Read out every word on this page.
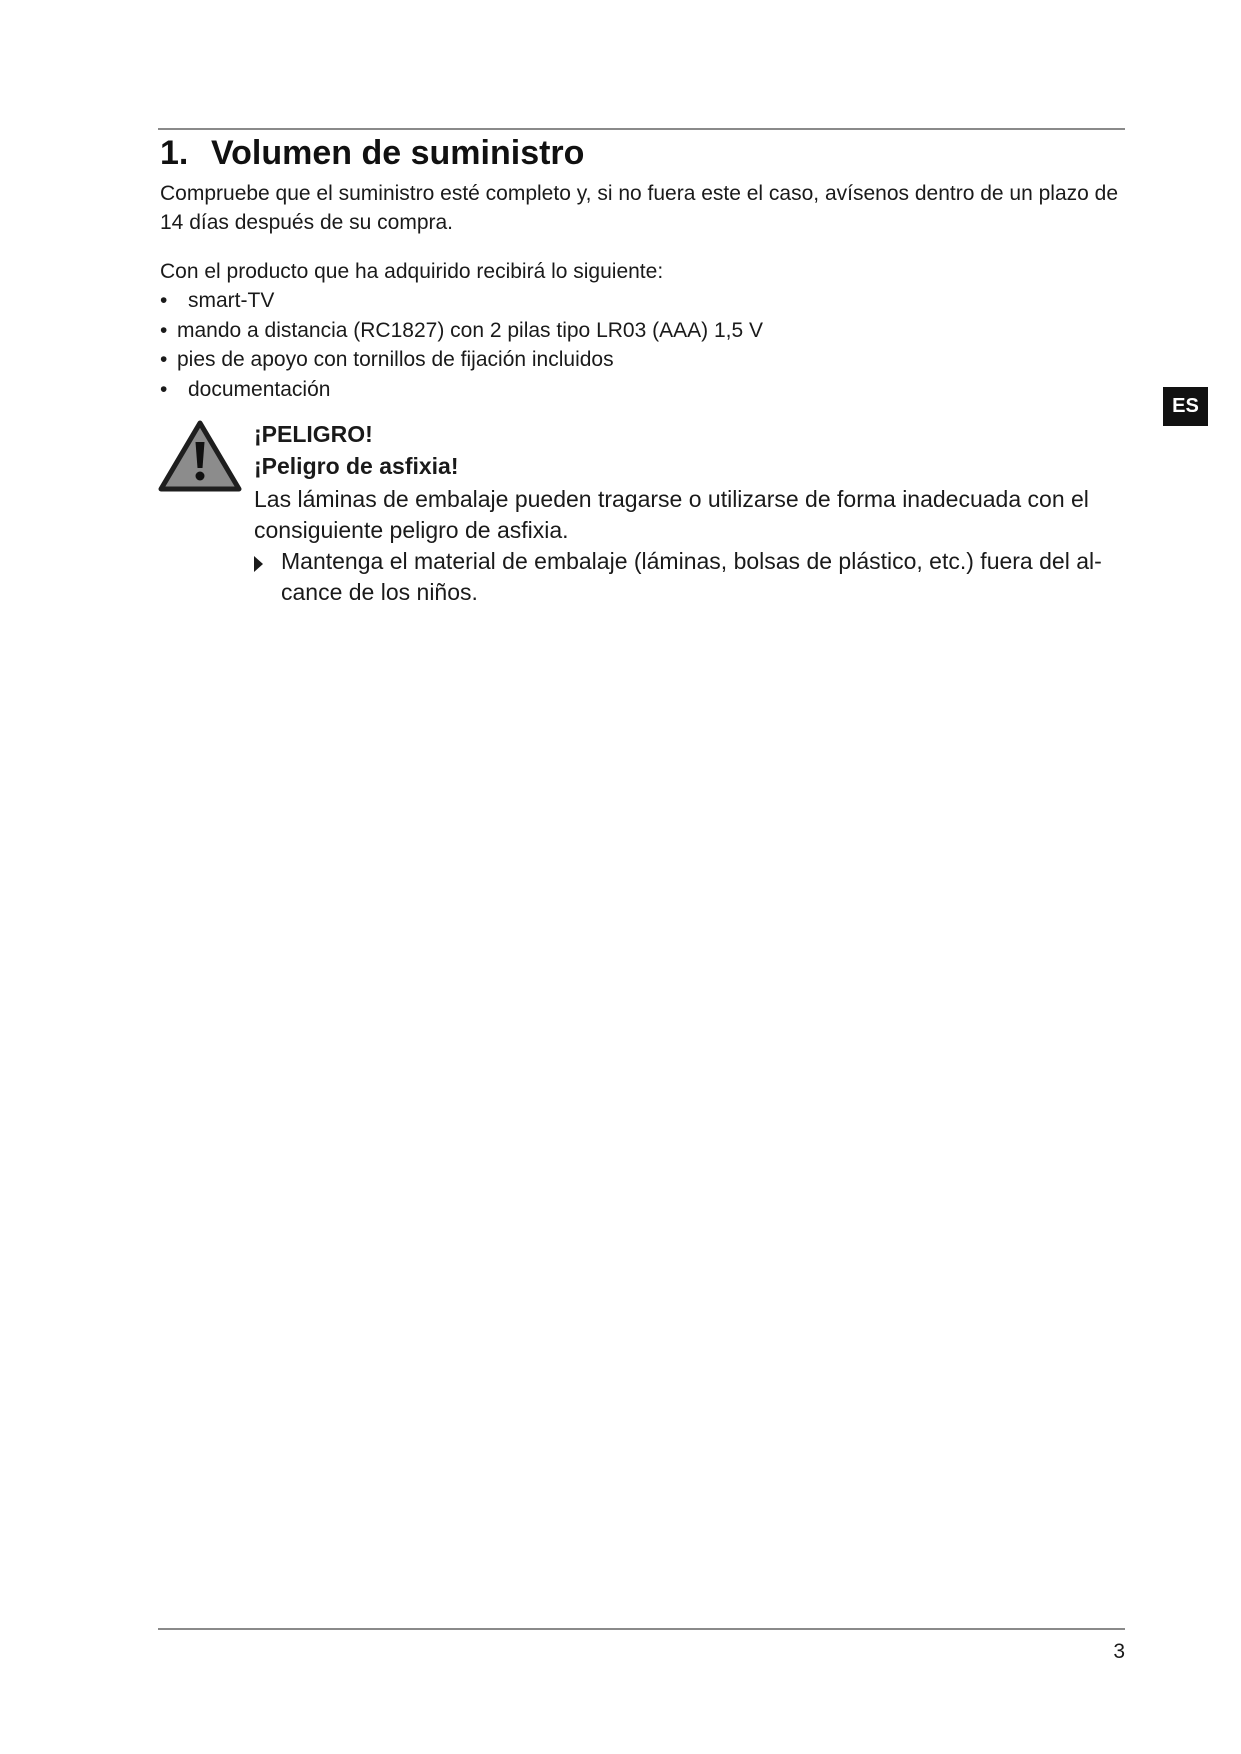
1. Volumen de suministro

Compruebe que el suministro esté completo y, si no fuera este el caso, avísenos dentro de un plazo de 14 días después de su compra.

Con el producto que ha adquirido recibirá lo siguiente:

• smart-TV
• mando a distancia (RC1827) con 2 pilas tipo LR03 (AAA) 1,5 V
• pies de apoyo con tornillos de fijación incluidos
• documentación
¡PELIGRO!
¡Peligro de asfixia!

Las láminas de embalaje pueden tragarse o utilizarse de forma inadecuada con el consiguiente peligro de asfixia.

Mantenga el material de embalaje (láminas, bolsas de plástico, etc.) fuera del al-cance de los niños.

ES
3
